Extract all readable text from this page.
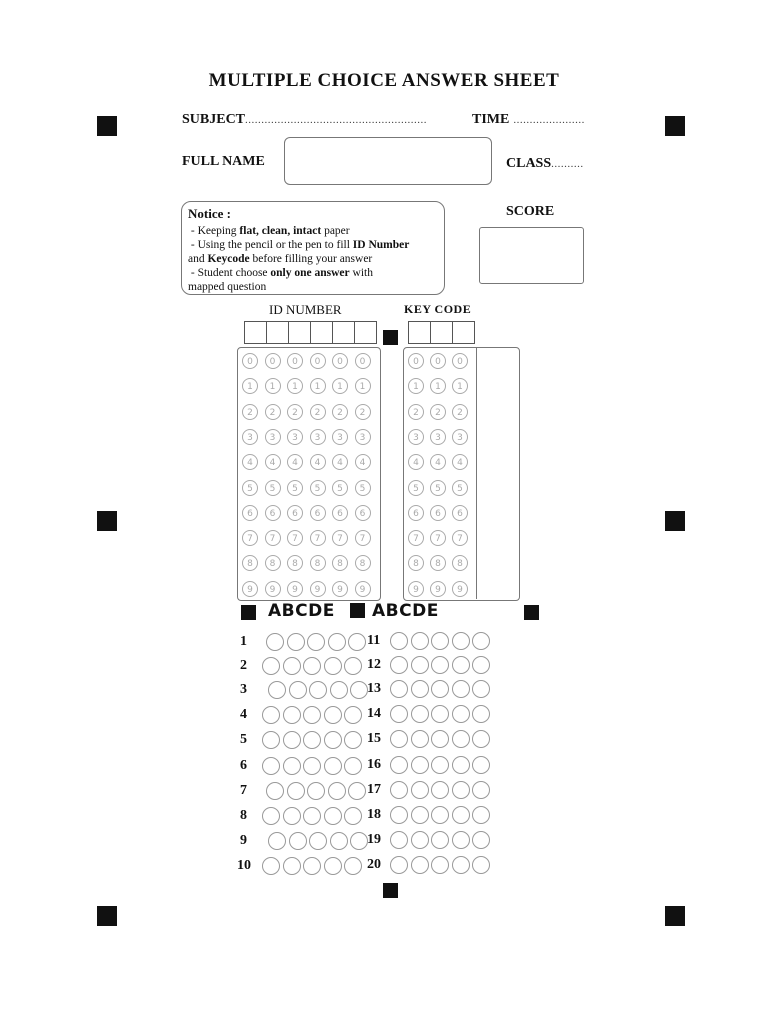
MULTIPLE CHOICE ANSWER SHEET
SUBJECT........................................................	TIME ......................
FULL NAME	CLASS..........
Notice :
- Keeping flat, clean, intact paper
- Using the pencil or the pen to fill ID Number
and Keycode before filling your answer
- Student choose only one answer with
mapped question
SCORE
ID NUMBER	KEY CODE
0	0	0	0	0	0
1	1	1	1	1	1
2	2	2	2	2	2
3	3	3	3	3	3
4	4	4	4	4	4
5	5	5	5	5	5
6	6	6	6	6	6
7	7	7	7	7	7
8	8	8	8	8	8
9	9	9	9	9	9
0	0	0
1	1	1
2	2	2
3	3	3
4	4	4
5	5	5
6	6	6
7	7	7
8	8	8
9	9	9
ABCDE ABCDE
1
2
3
4
5
6
7
8
9
10
11
12
13
14
15
16
17
18
19
20
